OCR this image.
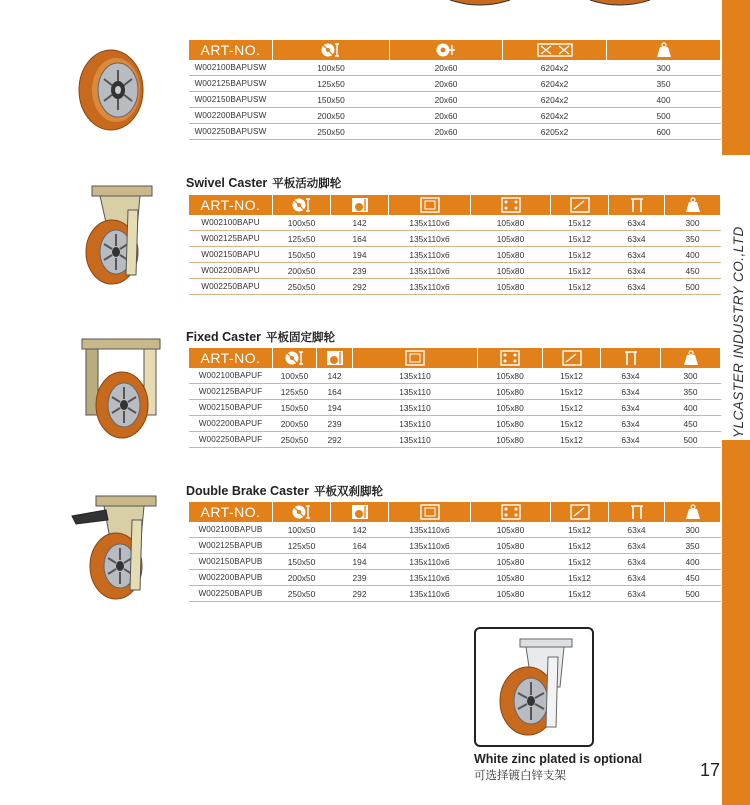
YLCASTER INDUSTRY CO.,LTD
ART-NO.	

W002100BAPUSW	100x50	20x60	6204x2	300
W002125BAPUSW	125x50	20x60	6204x2	350
W002150BAPUSW	150x50	20x60	6204x2	400
W002200BAPUSW	200x50	20x60	6204x2	500
W002250BAPUSW	250x50	20x60	6205x2	600
Swivel Caster 平板活动脚轮
ART-NO.	

W002100BAPU	100x50	142	135x110x6	105x80	15x12	63x4	300
W002125BAPU	125x50	164	135x110x6	105x80	15x12	63x4	350
W002150BAPU	150x50	194	135x110x6	105x80	15x12	63x4	400
W002200BAPU	200x50	239	135x110x6	105x80	15x12	63x4	450
W002250BAPU	250x50	292	135x110x6	105x80	15x12	63x4	500
Fixed Caster 平板固定脚轮
ART-NO.	

W002100BAPUF	100x50	142	135x110	105x80	15x12	63x4	300
W002125BAPUF	125x50	164	135x110	105x80	15x12	63x4	350
W002150BAPUF	150x50	194	135x110	105x80	15x12	63x4	400
W002200BAPUF	200x50	239	135x110	105x80	15x12	63x4	450
W002250BAPUF	250x50	292	135x110	105x80	15x12	63x4	500
Double Brake Caster 平板双刹脚轮
ART-NO.	

W002100BAPUB	100x50	142	135x110x6	105x80	15x12	63x4	300
W002125BAPUB	125x50	164	135x110x6	105x80	15x12	63x4	350
W002150BAPUB	150x50	194	135x110x6	105x80	15x12	63x4	400
W002200BAPUB	200x50	239	135x110x6	105x80	15x12	63x4	450
W002250BAPUB	250x50	292	135x110x6	105x80	15x12	63x4	500
White zinc plated is optional
可选择镀白锌支架	17
